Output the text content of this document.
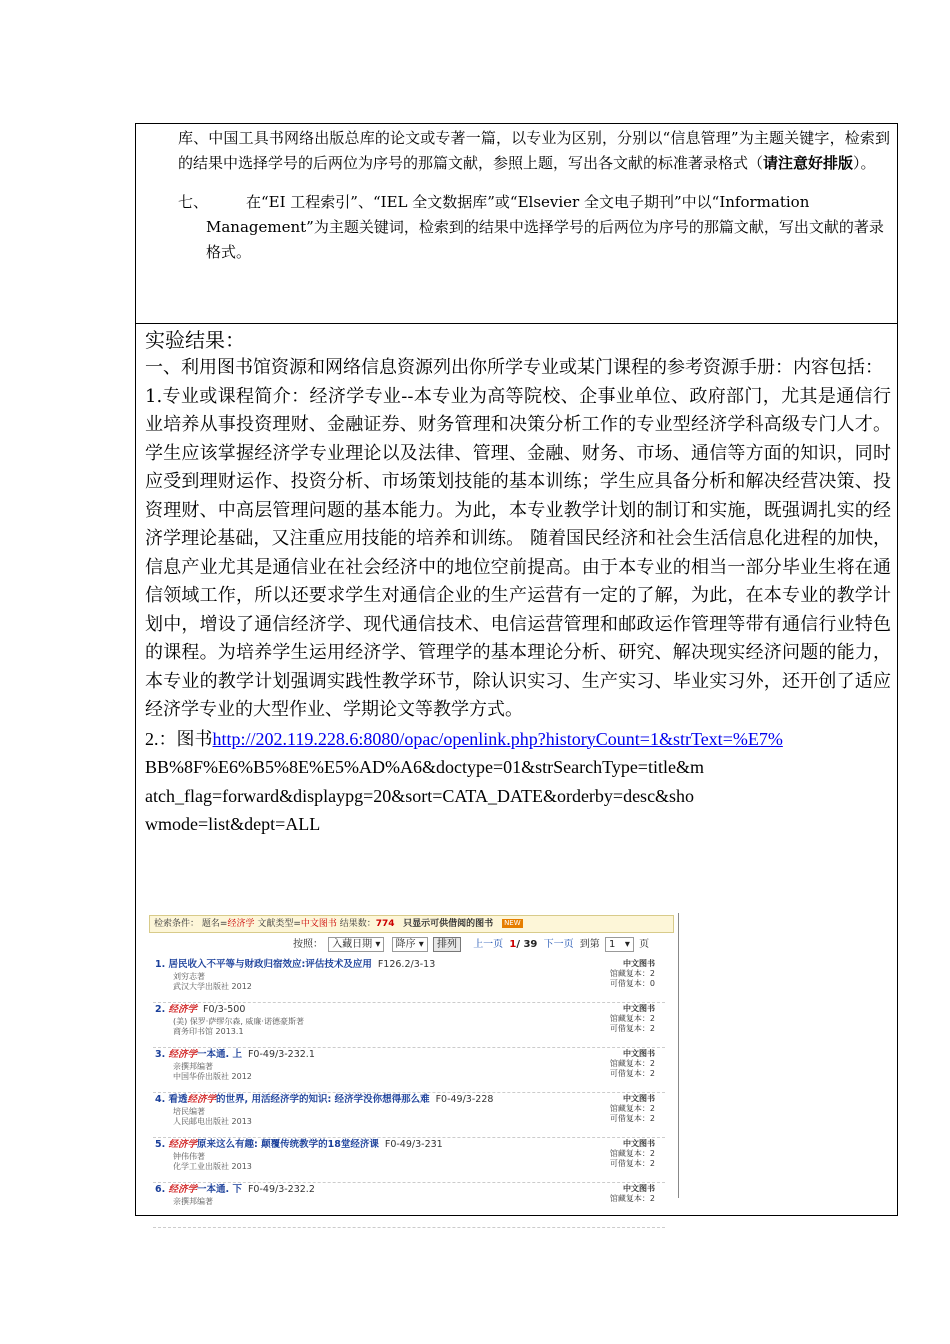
库、中国工具书网络出版总库的论文或专著一篇，以专业为区别，分别以“信息管理”为主题关键字，检索到的结果中选择学号的后两位为序号的那篇文献，参照上题，写出各文献的标准著录格式（请注意好排版）。

七、	在“EI 工程索引”、“IEL 全文数据库”或“Elsevier 全文电子期刊”中以“Information Management”为主题关键词，检索到的结果中选择学号的后两位为序号的那篇文献，写出文献的著录格式。

实验结果：

一、利用图书馆资源和网络信息资源列出你所学专业或某门课程的参考资源手册：内容包括：

1.专业或课程简介：经济学专业--本专业为高等院校、企事业单位、政府部门，尤其是通信行业培养从事投资理财、金融证券、财务管理和决策分析工作的专业型经济学科高级专门人才。学生应该掌握经济学专业理论以及法律、管理、金融、财务、市场、通信等方面的知识，同时应受到理财运作、投资分析、市场策划技能的基本训练；学生应具备分析和解决经营决策、投资理财、中高层管理问题的基本能力。为此，本专业教学计划的制订和实施，既强调扎实的经济学理论基础，又注重应用技能的培养和训练。 随着国民经济和社会生活信息化进程的加快，信息产业尤其是通信业在社会经济中的地位空前提高。由于本专业的相当一部分毕业生将在通信领域工作，所以还要求学生对通信企业的生产运营有一定的了解，为此，在本专业的教学计划中，增设了通信经济学、现代通信技术、电信运营管理和邮政运作管理等带有通信行业特色的课程。为培养学生运用经济学、管理学的基本理论分析、研究、解决现实经济问题的能力，本专业的教学计划强调实践性教学环节，除认识实习、生产实习、毕业实习外，还开创了适应经济学专业的大型作业、学期论文等教学方式。

2.：图书http://202.119.228.6:8080/opac/openlink.php?historyCount=1&strText=%E7%

BB%8F%E6%B5%8E%E5%AD%A6&doctype=01&strSearchType=title&m

atch_flag=forward&displaypg=20&sort=CATA_DATE&orderby=desc&sho

wmode=list&dept=ALL

检索条件： 题名=经济学 文献类型=中文图书 结果数：774 只显示可供借阅的图书 NEW
按照： 入藏日期 ▾ 降序 ▾ 排列 上一页 1/ 39 下一页 到第 1 ▾ 页
1. 居民收入不平等与财政归宿效应:评估技术及应用 F126.2/3-13
刘穷志著
武汉大学出版社 2012
中文图书
馆藏复本：2
可借复本：0
2. 经济学 F0/3-500
(美) 保罗·萨缪尔森, 威廉·诺德豪斯著
商务印书馆 2013.1
中文图书
馆藏复本：2
可借复本：2
3. 经济学一本通. 上 F0-49/3-232.1
亲撰邦编著
中国华侨出版社 2012
中文图书
馆藏复本：2
可借复本：2
4. 看透经济学的世界, 用活经济学的知识: 经济学没你想得那么难 F0-49/3-228
培民编著
人民邮电出版社 2013
中文图书
馆藏复本：2
可借复本：2
5. 经济学原来这么有趣: 颠覆传统教学的18堂经济课 F0-49/3-231
钟伟伟著
化学工业出版社 2013
中文图书
馆藏复本：2
可借复本：2
6. 经济学一本通. 下 F0-49/3-232.2
亲撰邦编著
中文图书
馆藏复本：2
